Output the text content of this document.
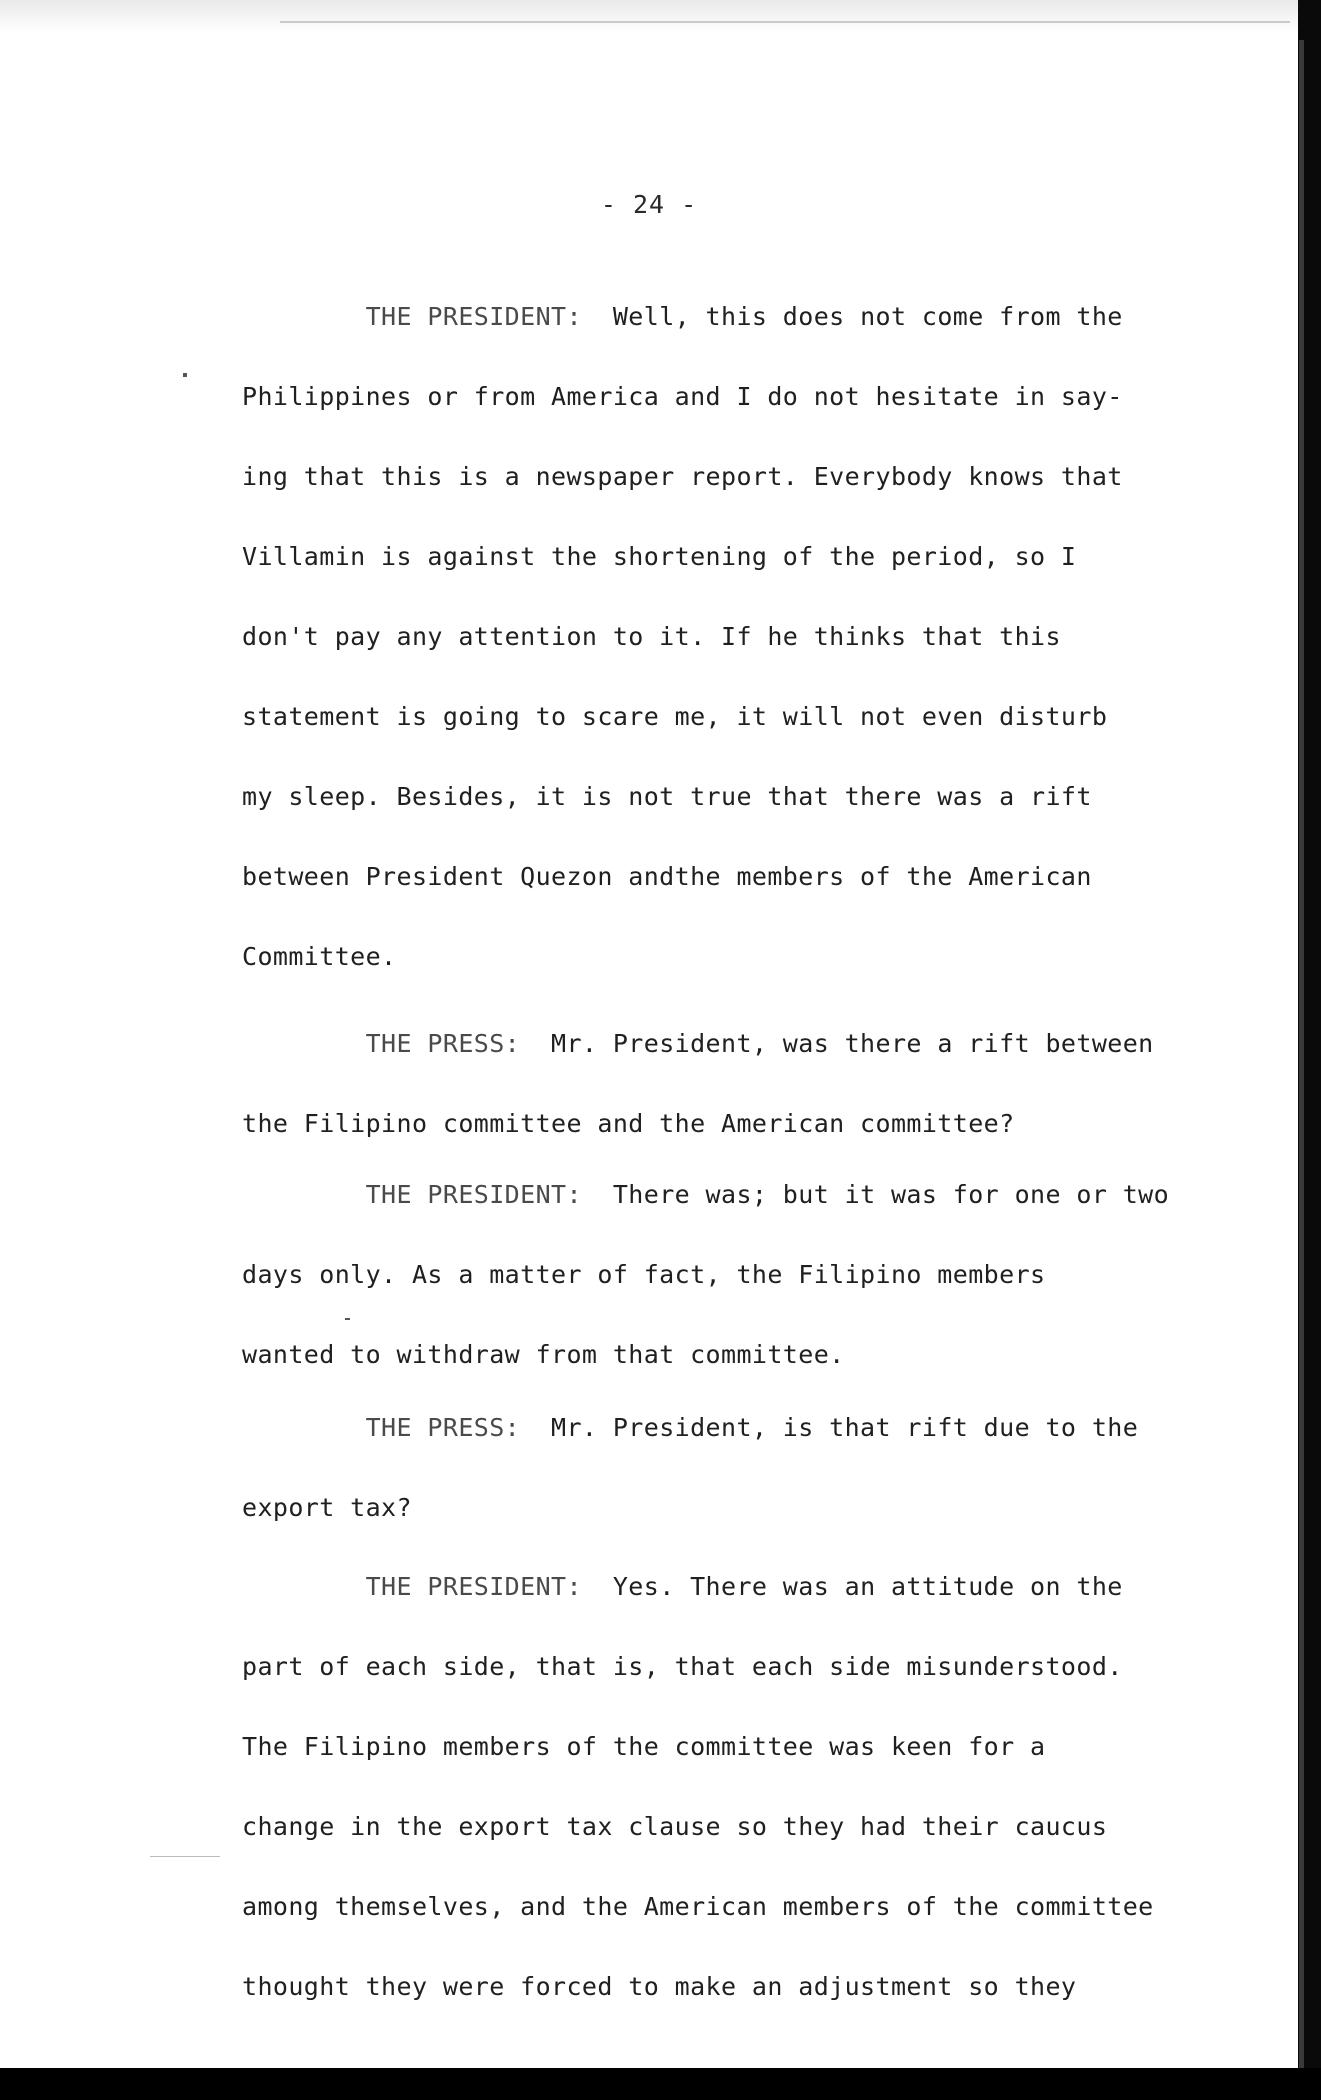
- 24 -

THE PRESIDENT:  Well, this does not come from the
Philippines or from America and I do not hesitate in say-
ing that this is a newspaper report. Everybody knows that
Villamin is against the shortening of the period, so I
don't pay any attention to it. If he thinks that this
statement is going to scare me, it will not even disturb
my sleep. Besides, it is not true that there was a rift
between President Quezon andthe members of the American
Committee.

THE PRESS:  Mr. President, was there a rift between
the Filipino committee and the American committee?

THE PRESIDENT:  There was; but it was for one or two
days only. As a matter of fact, the Filipino members
wanted to withdraw from that committee.

THE PRESS:  Mr. President, is that rift due to the
export tax?

THE PRESIDENT:  Yes. There was an attitude on the
part of each side, that is, that each side misunderstood.
The Filipino members of the committee was keen for a
change in the export tax clause so they had their caucus
among themselves, and the American members of the committee
thought they were forced to make an adjustment so they
